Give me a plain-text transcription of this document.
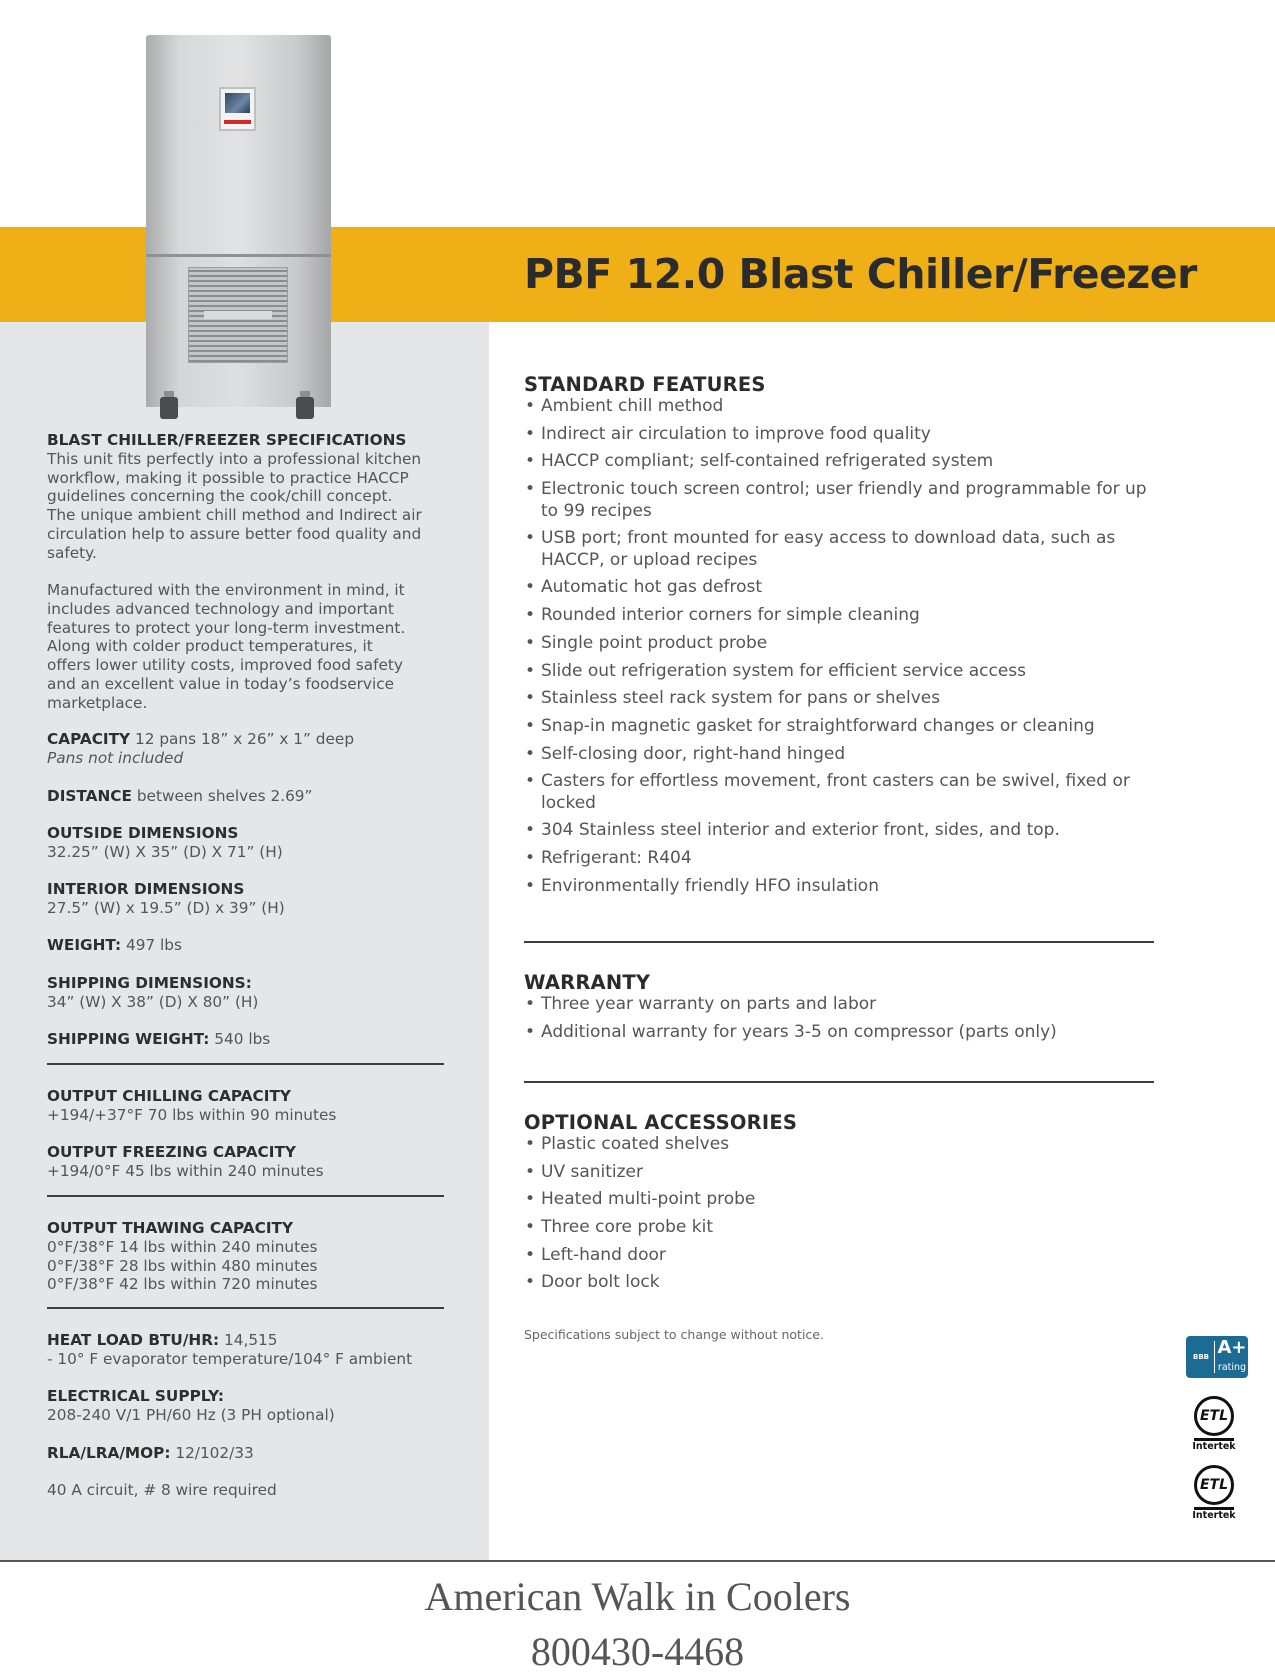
PBF 12.0 Blast Chiller/Freezer
BLAST CHILLER/FREEZER SPECIFICATIONS
This unit fits perfectly into a professional kitchen
workflow, making it possible to practice HACCP
guidelines concerning the cook/chill concept.
The unique ambient chill method and Indirect air
circulation help to assure better food quality and
safety.
Manufactured with the environment in mind, it
includes advanced technology and important
features to protect your long-term investment.
Along with colder product temperatures, it
offers lower utility costs, improved food safety
and an excellent value in today’s foodservice
marketplace.
CAPACITY 12 pans 18” x 26” x 1” deep
Pans not included
DISTANCE between shelves 2.69”
OUTSIDE DIMENSIONS
32.25” (W) X 35” (D) X 71” (H)
INTERIOR DIMENSIONS
27.5” (W) x 19.5” (D) x 39” (H)
WEIGHT: 497 lbs
SHIPPING DIMENSIONS:
34” (W) X 38” (D) X 80” (H)
SHIPPING WEIGHT: 540 lbs
OUTPUT CHILLING CAPACITY
+194/+37°F 70 lbs within 90 minutes
OUTPUT FREEZING CAPACITY
+194/0°F 45 lbs within 240 minutes
OUTPUT THAWING CAPACITY
0°F/38°F 14 lbs within 240 minutes
0°F/38°F 28 lbs within 480 minutes
0°F/38°F 42 lbs within 720 minutes
HEAT LOAD BTU/HR: 14,515
- 10° F evaporator temperature/104° F ambient
ELECTRICAL SUPPLY:
208-240 V/1 PH/60 Hz (3 PH optional)
RLA/LRA/MOP: 12/102/33
40 A circuit, # 8 wire required
STANDARD FEATURES
• Ambient chill method
• Indirect air circulation to improve food quality
• HACCP compliant; self-contained refrigerated system
• Electronic touch screen control; user friendly and programmable for up to 99 recipes
• USB port; front mounted for easy access to download data, such as HACCP, or upload recipes
• Automatic hot gas defrost
• Rounded interior corners for simple cleaning
• Single point product probe
• Slide out refrigeration system for efficient service access
• Stainless steel rack system for pans or shelves
• Snap-in magnetic gasket for straightforward changes or cleaning
• Self-closing door, right-hand hinged
• Casters for effortless movement, front casters can be swivel, fixed or locked
• 304 Stainless steel interior and exterior front, sides, and top.
• Refrigerant: R404
• Environmentally friendly HFO insulation
WARRANTY
• Three year warranty on parts and labor
• Additional warranty for years 3-5 on compressor (parts only)
OPTIONAL ACCESSORIES
• Plastic coated shelves
• UV sanitizer
• Heated multi-point probe
• Three core probe kit
• Left-hand door
• Door bolt lock
Specifications subject to change without notice.
BBB A+
rating
ETL
Intertek
ETL
Intertek
American Walk in Coolers
800430-4468
